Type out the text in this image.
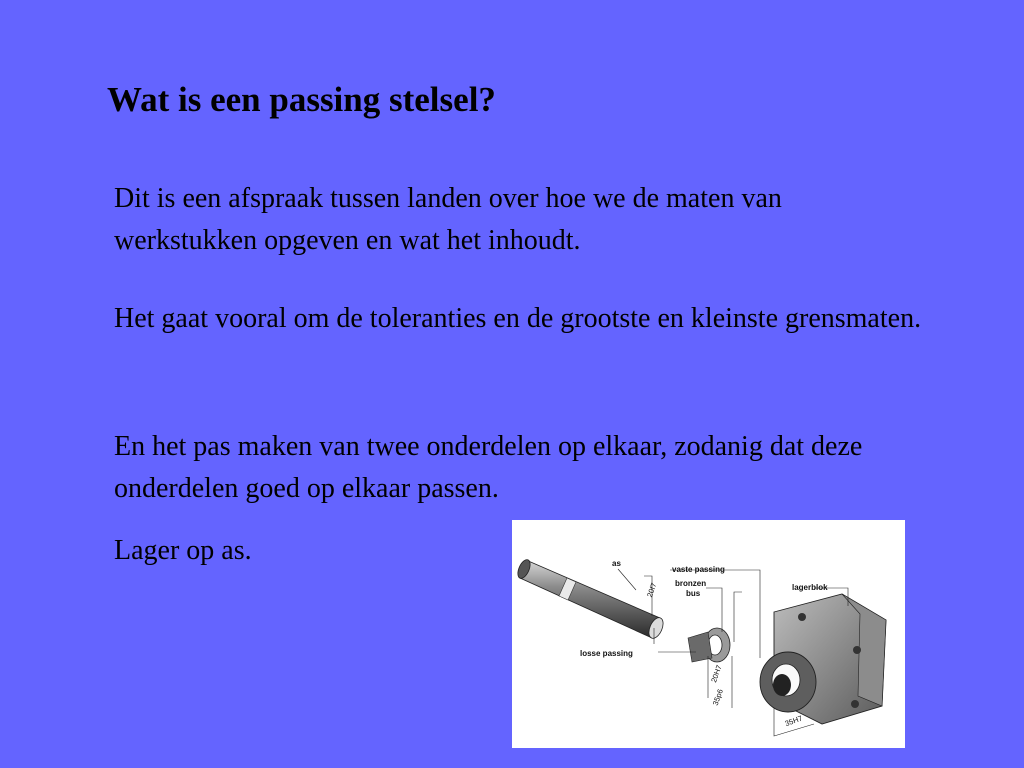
Wat is een passing stelsel?

Dit is een afspraak tussen landen over hoe we de maten van werkstukken opgeven en wat het inhoudt.

Het gaat vooral om de toleranties en de grootste en kleinste grensmaten.

En het pas maken van twee onderdelen op elkaar, zodanig dat deze onderdelen goed op elkaar passen.

Lager op as.	as
vaste passing
bronzen
bus
lagerblok
losse passing
20f7
20H7
35p6
35H7
